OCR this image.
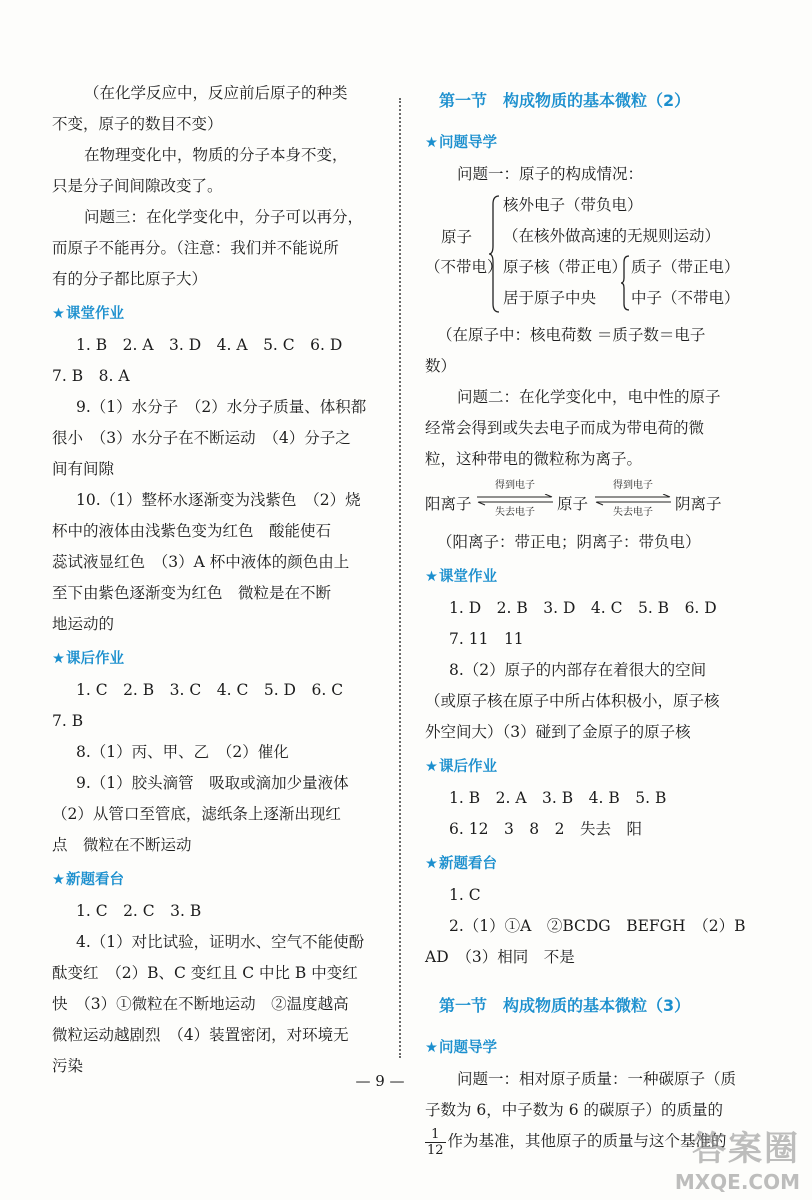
（在化学反应中，反应前后原子的种类

不变，原子的数目不变）

在物理变化中，物质的分子本身不变，

只是分子间间隙改变了。

问题三：在化学变化中，分子可以再分，

而原子不能再分。（注意：我们并不能说所

有的分子都比原子大）

★课堂作业

1. B　2. A　3. D　4. A　5. C　6. D

7. B　8. A

9.（1）水分子　（2）水分子质量、体积都

很小　（3）水分子在不断运动　（4）分子之

间有间隙

10.（1）整杯水逐渐变为浅紫色　（2）烧

杯中的液体由浅紫色变为红色　酸能使石

蕊试液显红色　（3）A 杯中液体的颜色由上

至下由紫色逐渐变为红色　微粒是在不断

地运动的

★课后作业

1. C　2. B　3. C　4. C　5. D　6. C

7. B

8.（1）丙、甲、乙　（2）催化

9.（1）胶头滴管　吸取或滴加少量液体

（2）从管口至管底，滤纸条上逐渐出现红

点　微粒在不断运动

★新题看台

1. C　2. C　3. B

4.（1）对比试验，证明水、空气不能使酚

酞变红　（2）B、C 变红且 C 中比 B 中变红

快　（3）①微粒在不断地运动　②温度越高

微粒运动越剧烈　（4）装置密闭，对环境无

污染

第一节　构成物质的基本微粒（2）
★问题导学

问题一：原子的构成情况：

原子
（不带电）
核外电子（带负电）
（在核外做高速的无规则运动）
原子核（带正电）
居于原子中央
质子（带正电）
中子（不带电）

（在原子中：核电荷数 ＝质子数＝电子

数）

问题二：在化学变化中，电中性的原子

经常会得到或失去电子而成为带电荷的微

粒，这种带电的微粒称为离子。

阳离子
得到电子
失去电子	原子
得到电子
失去电子	阴离子

（阳离子：带正电；阴离子：带负电）

★课堂作业

1. D　2. B　3. D　4. C　5. B　6. D

7. 11　11

8.（2）原子的内部存在着很大的空间

（或原子核在原子中所占体积极小，原子核

外空间大）（3）碰到了金原子的原子核

★课后作业

1. B　2. A　3. B　4. B　5. B

6. 12　3　8　2　失去　阳

★新题看台

1. C

2.（1）①A　②BCDG　BEFGH　（2）B

AD　（3）相同　不是

第一节　构成物质的基本微粒（3）
★问题导学

问题一：相对原子质量：一种碳原子（质

子数为 6，中子数为 6 的碳原子）的质量的

$\frac{1}{12}$ 作为基准，其他原子的质量与这个基准的

— 9 —
答案圈
MXQE.COM
